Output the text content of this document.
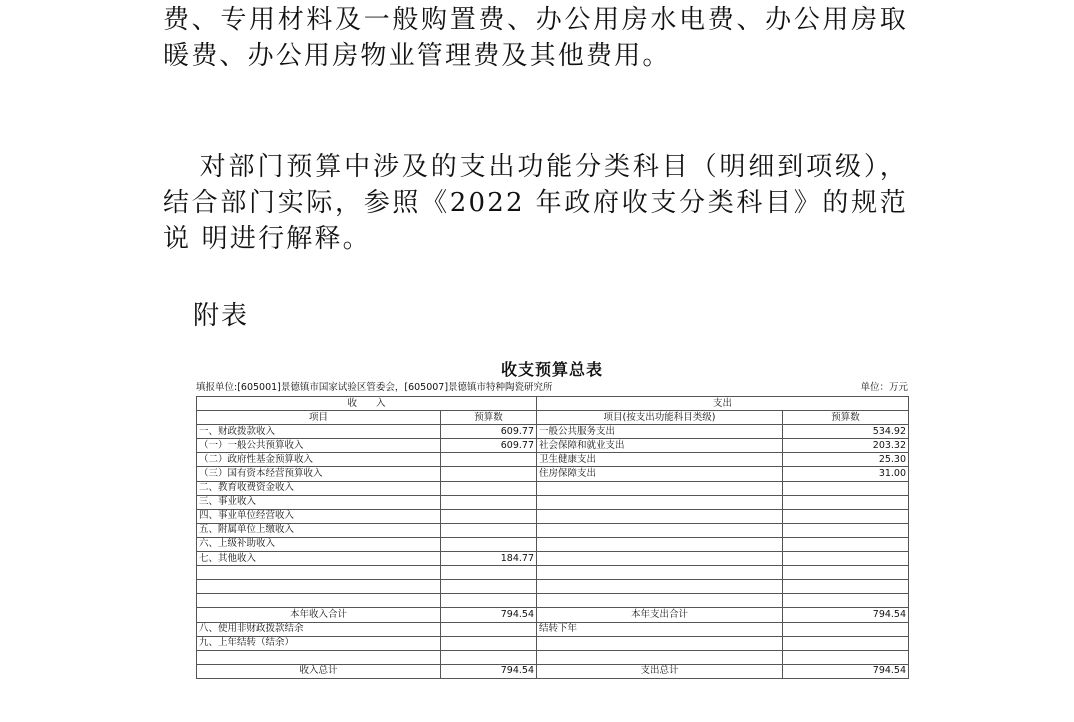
费、专用材料及一般购置费、办公用房水电费、办公用房取 暖费、办公用房物业管理费及其他费用。

对部门预算中涉及的支出功能分类科目（明细到项级），结合部门实际，参照《2022 年政府收支分类科目》的规范说 明进行解释。

附表
收支预算总表
填报单位:[605001]景德镇市国家试验区管委会，[605007]景德镇市特种陶瓷研究所	单位：万元
收　　入		支出	
项目	预算数	项目(按支出功能科目类级)	预算数
一、财政拨款收入	609.77	一般公共服务支出	534.92
（一）一般公共预算收入	609.77	社会保障和就业支出	203.32
（二）政府性基金预算收入		卫生健康支出	25.30
（三）国有资本经营预算收入		住房保障支出	31.00
二、教育收费资金收入			
三、事业收入			
四、事业单位经营收入			
五、附属单位上缴收入			
六、上级补助收入			
七、其他收入	184.77		

本年收入合计	794.54	本年支出合计	794.54
八、使用非财政拨款结余		结转下年	
九、上年结转（结余）			

收入总计	794.54	支出总计	794.54
